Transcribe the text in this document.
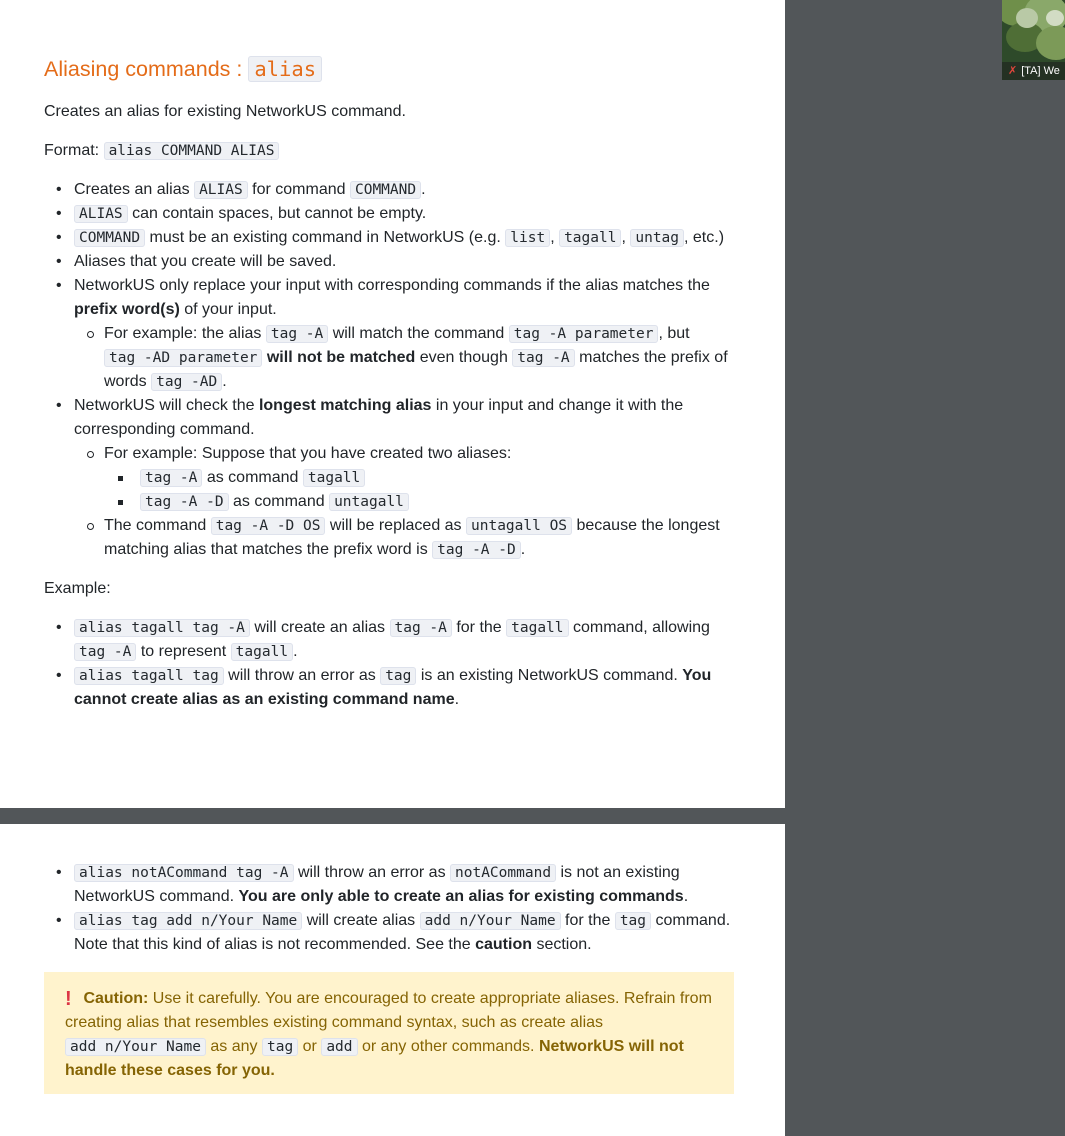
Aliasing commands : alias

Creates an alias for existing NetworkUS command.

Format: alias COMMAND ALIAS

• Creates an alias ALIAS for command COMMAND .
• ALIAS can contain spaces, but cannot be empty.
• COMMAND must be an existing command in NetworkUS (e.g. list , tagall , untag , etc.)
• Aliases that you create will be saved.
• NetworkUS only replace your input with corresponding commands if the alias matches the prefix word(s) of your input.
For example: the alias tag -A will match the command tag -A parameter , but tag -AD parameter will not be matched even though tag -A matches the prefix of words tag -AD .
• NetworkUS will check the longest matching alias in your input and change it with the corresponding command.
For example: Suppose that you have created two aliases:
tag -A as command tagall
tag -A -D as command untagall
The command tag -A -D OS will be replaced as untagall OS because the longest matching alias that matches the prefix word is tag -A -D .

Example:

• alias tagall tag -A will create an alias tag -A for the tagall command, allowing tag -A to represent tagall .
• alias tagall tag will throw an error as tag is an existing NetworkUS command. You cannot create alias as an existing command name.
• alias notACommand tag -A will throw an error as notACommand is not an existing NetworkUS command. You are only able to create an alias for existing commands.
• alias tag add n/Your Name will create alias add n/Your Name for the tag command. Note that this kind of alias is not recommended. See the caution section.
! Caution: Use it carefully. You are encouraged to create appropriate aliases. Refrain from creating alias that resembles existing command syntax, such as create alias add n/Your Name as any tag or add or any other commands. NetworkUS will not handle these cases for you.
✗ [TA] We
